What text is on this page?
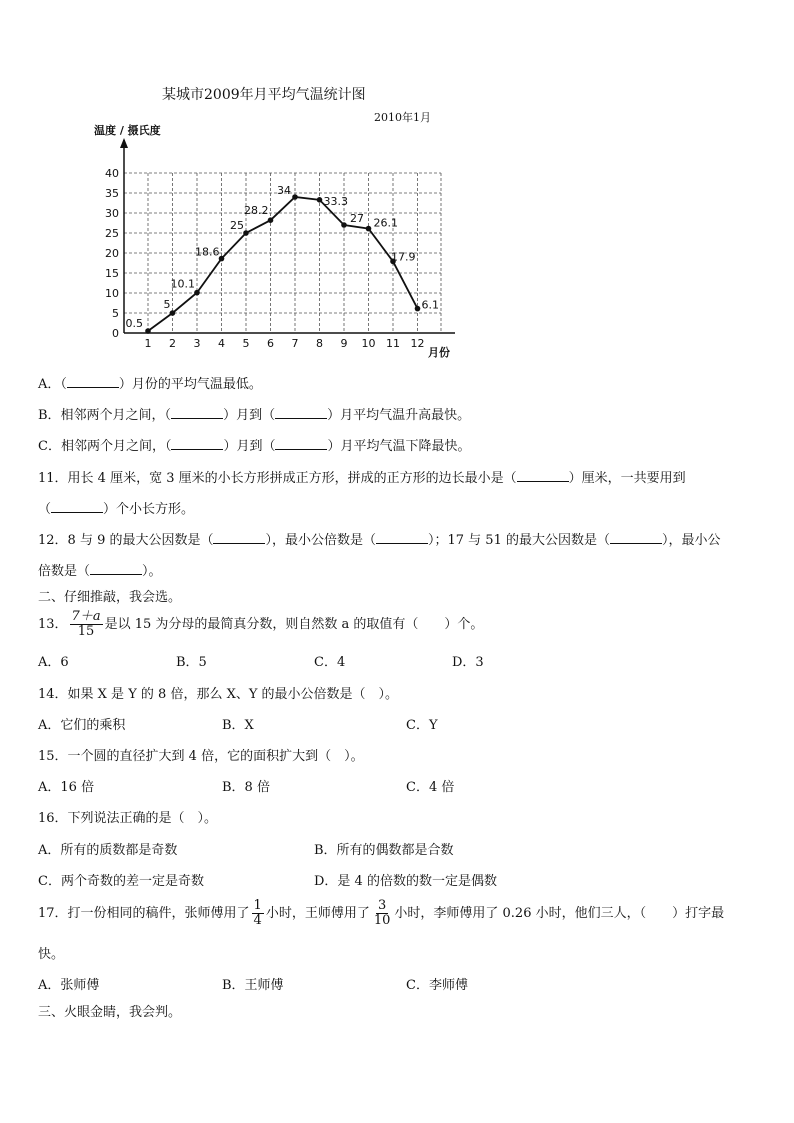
某城市2009年月平均气温统计图
2010年1月
0
5
10
15
20
25
30
35
40
1 2 3 4 5 6 7 8 9 10 11 12
温度 / 摄氏度
月份
0.5
5
10.1
18.6
25
28.2
34
33.3
27 26.1
17.9
6.1
A．（	）月份的平均气温最低。
B．相邻两个月之间，（	）月到（	）月平均气温升高最快。
C．相邻两个月之间，（	）月到（	）月平均气温下降最快。
11．用长 4 厘米，宽 3 厘米的小长方形拼成正方形，拼成的正方形的边长最小是（	）厘米，一共要用到
（	）个小长方形。
12．8 与 9 的最大公因数是（	），最小公倍数是（	）；17 与 51 的最大公因数是（	），最小公
倍数是（	）。
二、仔细推敲，我会选。
13． $\frac{7+a}{15}$ 是以 15 为分母的最简真分数，则自然数 a 的取值有（　　）个。
A．6	B．5	C．4	D．3
14．如果 X 是 Y 的 8 倍，那么 X、Y 的最小公倍数是（　）。
A．它们的乘积	B．X	C．Y
15．一个圆的直径扩大到 4 倍，它的面积扩大到（　）。
A．16 倍	B．8 倍	C．4 倍
16．下列说法正确的是（　）。
A．所有的质数都是奇数	B．所有的偶数都是合数
C．两个奇数的差一定是奇数	D．是 4 的倍数的数一定是偶数
17．打一份相同的稿件，张师傅用了 $\frac{1}{4}$ 小时，王师傅用了 $\frac{3}{10}$ 小时，李师傅用了 0.26 小时，他们三人，（　　）打字最
快。
A．张师傅	B．王师傅	C．李师傅
三、火眼金睛，我会判。
